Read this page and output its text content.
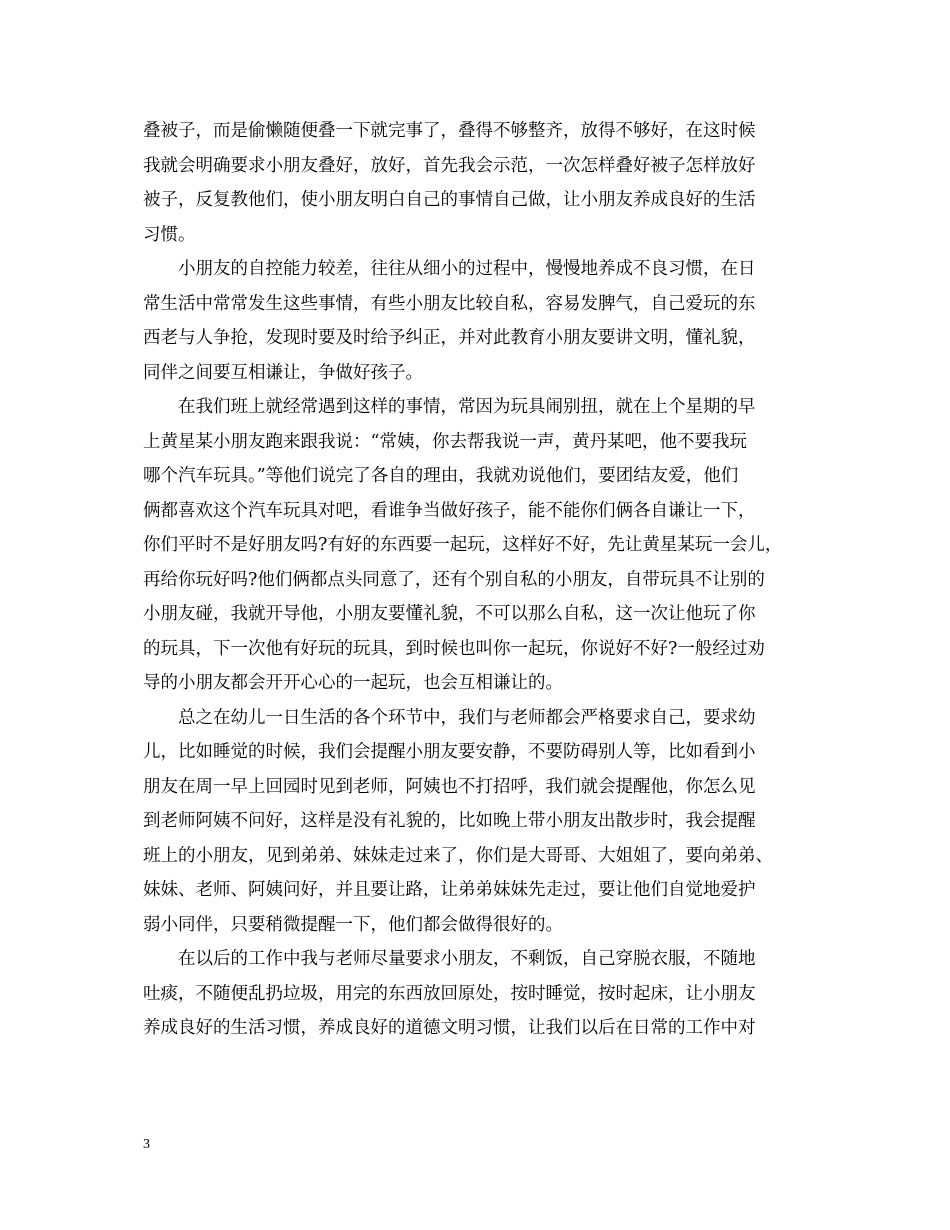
叠被子，而是偷懒随便叠一下就完事了，叠得不够整齐，放得不够好，在这时候
我就会明确要求小朋友叠好，放好，首先我会示范，一次怎样叠好被子怎样放好
被子，反复教他们，使小朋友明白自己的事情自己做，让小朋友养成良好的生活
习惯。
小朋友的自控能力较差，往往从细小的过程中，慢慢地养成不良习惯，在日
常生活中常常发生这些事情，有些小朋友比较自私，容易发脾气，自己爱玩的东
西老与人争抢，发现时要及时给予纠正，并对此教育小朋友要讲文明，懂礼貌，
同伴之间要互相谦让，争做好孩子。
在我们班上就经常遇到这样的事情，常因为玩具闹别扭，就在上个星期的早
上黄星某小朋友跑来跟我说：“常姨，你去帮我说一声，黄丹某吧，他不要我玩
哪个汽车玩具。”等他们说完了各自的理由，我就劝说他们，要团结友爱，他们
俩都喜欢这个汽车玩具对吧，看谁争当做好孩子，能不能你们俩各自谦让一下，
你们平时不是好朋友吗?有好的东西要一起玩，这样好不好，先让黄星某玩一会儿，
再给你玩好吗?他们俩都点头同意了，还有个别自私的小朋友，自带玩具不让别的
小朋友碰，我就开导他，小朋友要懂礼貌，不可以那么自私，这一次让他玩了你
的玩具，下一次他有好玩的玩具，到时候也叫你一起玩，你说好不好?一般经过劝
导的小朋友都会开开心心的一起玩，也会互相谦让的。
总之在幼儿一日生活的各个环节中，我们与老师都会严格要求自己，要求幼
儿，比如睡觉的时候，我们会提醒小朋友要安静，不要防碍别人等，比如看到小
朋友在周一早上回园时见到老师，阿姨也不打招呼，我们就会提醒他，你怎么见
到老师阿姨不问好，这样是没有礼貌的，比如晚上带小朋友出散步时，我会提醒
班上的小朋友，见到弟弟、妹妹走过来了，你们是大哥哥、大姐姐了，要向弟弟、
妹妹、老师、阿姨问好，并且要让路，让弟弟妹妹先走过，要让他们自觉地爱护
弱小同伴，只要稍微提醒一下，他们都会做得很好的。
在以后的工作中我与老师尽量要求小朋友，不剩饭，自己穿脱衣服，不随地
吐痰，不随便乱扔垃圾，用完的东西放回原处，按时睡觉，按时起床，让小朋友
养成良好的生活习惯，养成良好的道德文明习惯，让我们以后在日常的工作中对
3
